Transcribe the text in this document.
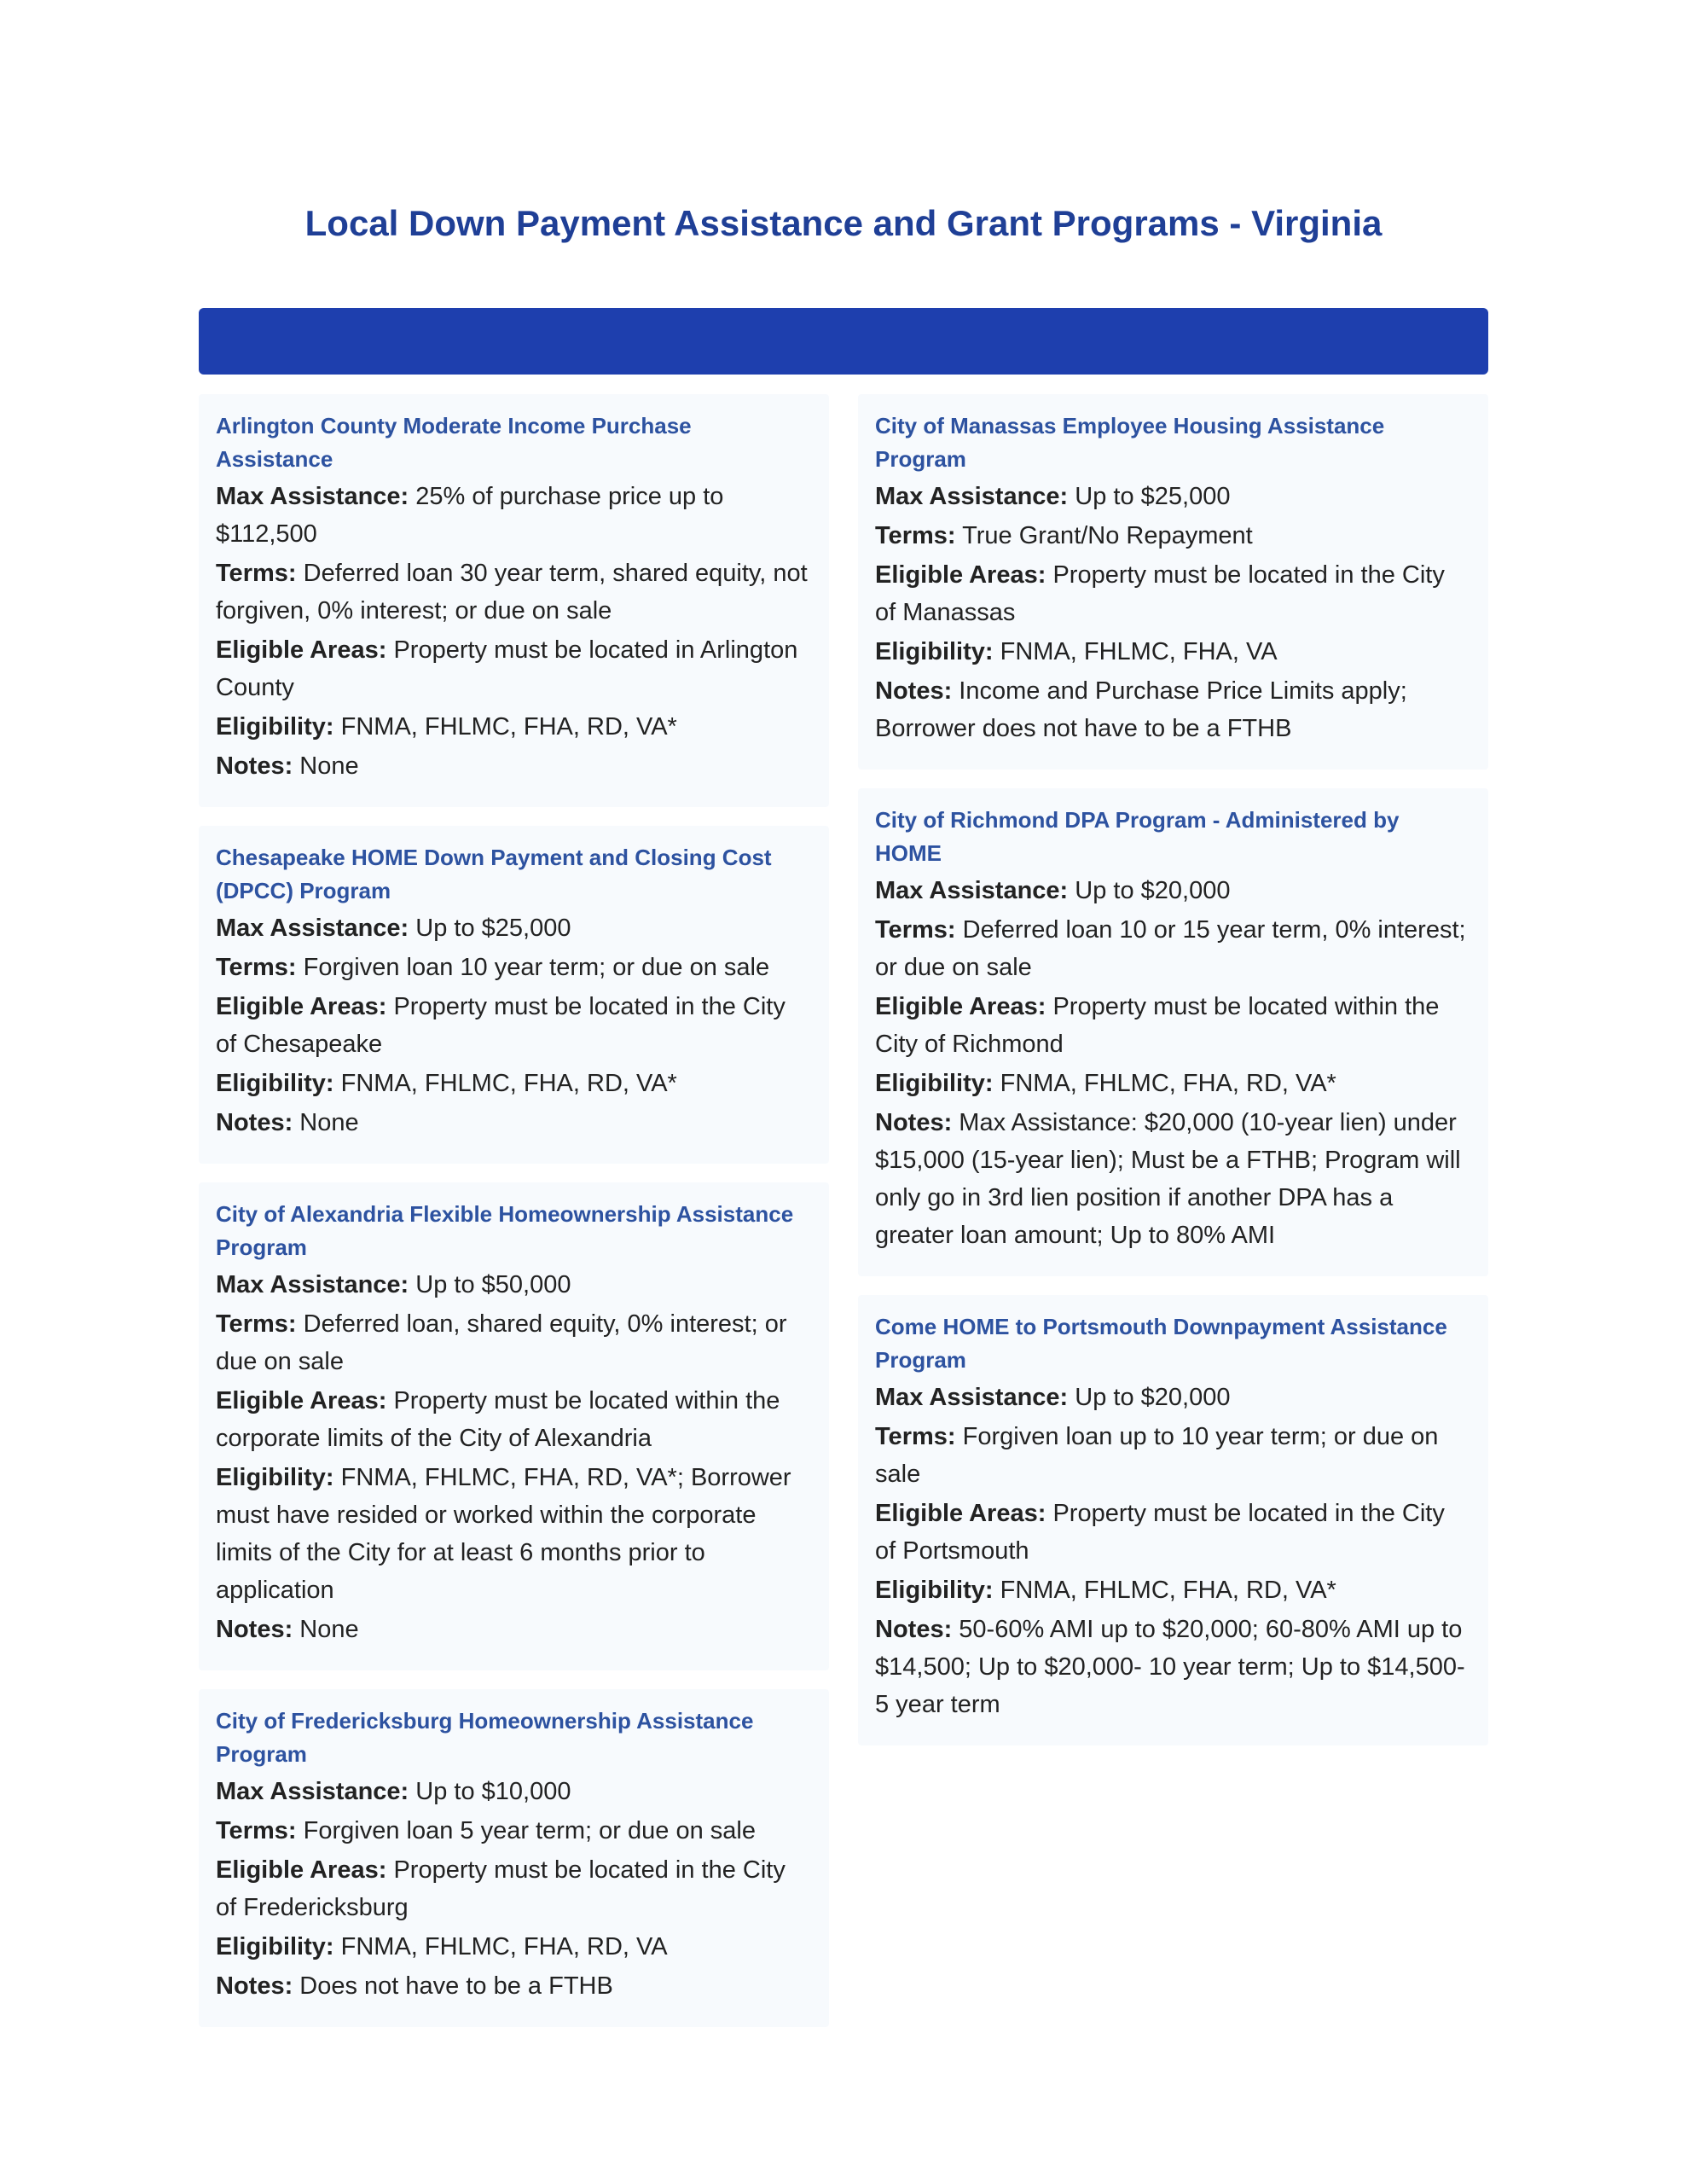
Local Down Payment Assistance and Grant Programs - Virginia
Arlington County Moderate Income Purchase Assistance
Max Assistance: 25% of purchase price up to $112,500
Terms: Deferred loan 30 year term, shared equity, not forgiven, 0% interest; or due on sale
Eligible Areas: Property must be located in Arlington County
Eligibility: FNMA, FHLMC, FHA, RD, VA*
Notes: None
Chesapeake HOME Down Payment and Closing Cost (DPCC) Program
Max Assistance: Up to $25,000
Terms: Forgiven loan 10 year term; or due on sale
Eligible Areas: Property must be located in the City of Chesapeake
Eligibility: FNMA, FHLMC, FHA, RD, VA*
Notes: None
City of Alexandria Flexible Homeownership Assistance Program
Max Assistance: Up to $50,000
Terms: Deferred loan, shared equity, 0% interest; or due on sale
Eligible Areas: Property must be located within the corporate limits of the City of Alexandria
Eligibility: FNMA, FHLMC, FHA, RD, VA*; Borrower must have resided or worked within the corporate limits of the City for at least 6 months prior to application
Notes: None
City of Fredericksburg Homeownership Assistance Program
Max Assistance: Up to $10,000
Terms: Forgiven loan 5 year term; or due on sale
Eligible Areas: Property must be located in the City of Fredericksburg
Eligibility: FNMA, FHLMC, FHA, RD, VA
Notes: Does not have to be a FTHB
City of Manassas Employee Housing Assistance Program
Max Assistance: Up to $25,000
Terms: True Grant/No Repayment
Eligible Areas: Property must be located in the City of Manassas
Eligibility: FNMA, FHLMC, FHA, VA
Notes: Income and Purchase Price Limits apply; Borrower does not have to be a FTHB
City of Richmond DPA Program - Administered by HOME
Max Assistance: Up to $20,000
Terms: Deferred loan 10 or 15 year term, 0% interest; or due on sale
Eligible Areas: Property must be located within the City of Richmond
Eligibility: FNMA, FHLMC, FHA, RD, VA*
Notes: Max Assistance: $20,000 (10-year lien) under $15,000 (15-year lien); Must be a FTHB; Program will only go in 3rd lien position if another DPA has a greater loan amount; Up to 80% AMI
Come HOME to Portsmouth Downpayment Assistance Program
Max Assistance: Up to $20,000
Terms: Forgiven loan up to 10 year term; or due on sale
Eligible Areas: Property must be located in the City of Portsmouth
Eligibility: FNMA, FHLMC, FHA, RD, VA*
Notes: 50-60% AMI up to $20,000; 60-80% AMI up to $14,500; Up to $20,000- 10 year term; Up to $14,500- 5 year term
